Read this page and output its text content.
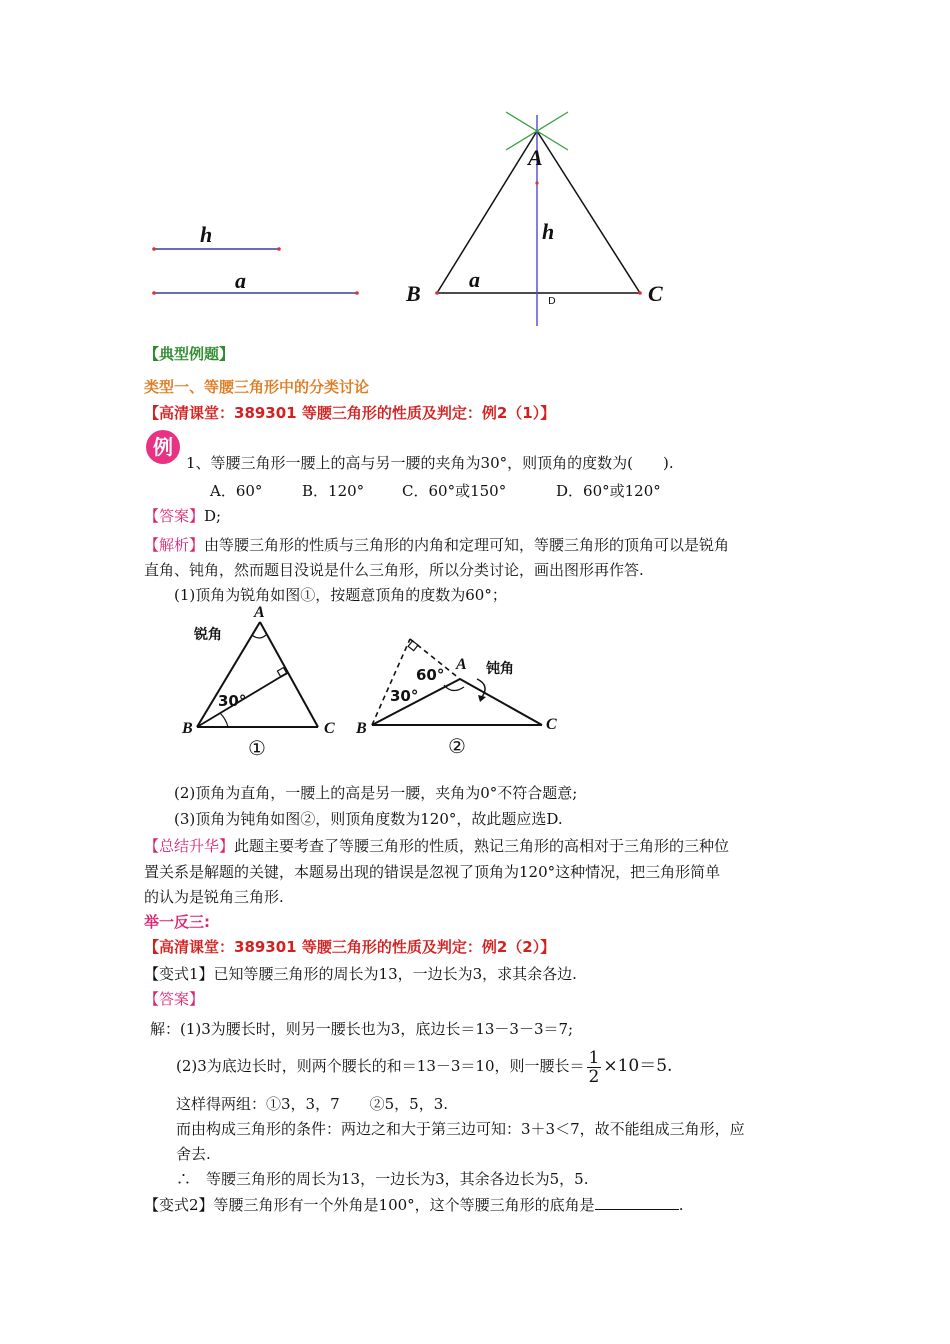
h
a
A
B	C
D
h
a
【典型例题】
类型一、等腰三角形中的分类讨论
【高清课堂：389301 等腰三角形的性质及判定：例2（1）】
例
1、等腰三角形一腰上的高与另一腰的夹角为30°，则顶角的度数为(　　).
A．60°	B．120°	C．60°或150°	D．60°或120°
【答案】D;
【解析】由等腰三角形的性质与三角形的内角和定理可知，等腰三角形的顶角可以是锐角
直角、钝角，然而题目没说是什么三角形，所以分类讨论，画出图形再作答.
(1)顶角为锐角如图①，按题意顶角的度数为60°；
锐角
A
B	C
30°
①
A
B	C
60°
30°
钝角
②
(2)顶角为直角，一腰上的高是另一腰，夹角为0°不符合题意;
(3)顶角为钝角如图②，则顶角度数为120°，故此题应选D.
【总结升华】此题主要考查了等腰三角形的性质，熟记三角形的高相对于三角形的三种位
置关系是解题的关键，本题易出现的错误是忽视了顶角为120°这种情况，把三角形简单
的认为是锐角三角形.
举一反三:
【高清课堂：389301 等腰三角形的性质及判定：例2（2）】
【变式1】已知等腰三角形的周长为13，一边长为3，求其余各边.
【答案】
解：(1)3为腰长时，则另一腰长也为3，底边长＝13－3－3＝7;
(2)3为底边长时，则两个腰长的和＝13－3＝10，则一腰长＝ $\frac{1}{2} \times 10=5$.
这样得两组：①3，3，7　　②5，5，3.
而由构成三角形的条件：两边之和大于第三边可知：3＋3＜7，故不能组成三角形，应
舍去.
∴　等腰三角形的周长为13，一边长为3，其余各边长为5，5.
【变式2】等腰三角形有一个外角是100°，这个等腰三角形的底角是	.
